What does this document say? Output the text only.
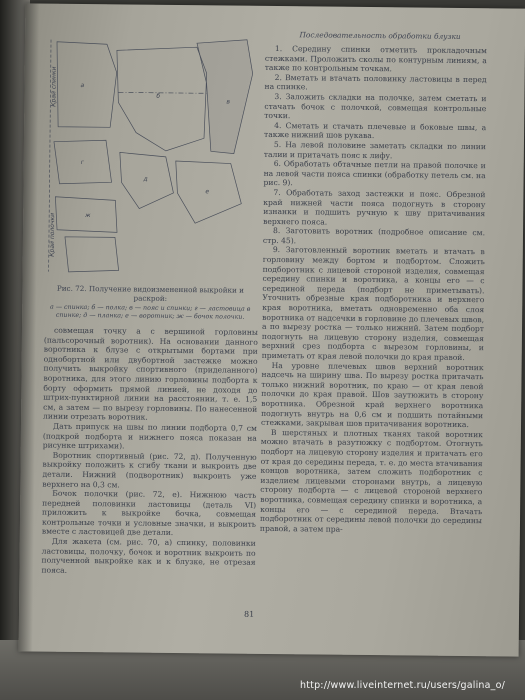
Последовательность обработки блузки
а
б
в
г
д
е
ж
Край спинки
Край полочки
Рис. 72. Получение видоизмененной выкройки и раскрой:
а — спинка; б — полка; в — пояс и спинки; г — ластовица в спинке; д — планка; е — воротник; ж — бочок полочки.

совмещая точку а с вершиной горловины (пальсорочный воротник). На основании данного воротника к блузе с открытыми бортами при однобортной или двубортной застежке можно получить выкройку спортивного (приделанного) воротника, для этого линию горловины подборта к борту оформить прямой линией, не доходя до штрих-пунктирной линии на расстоянии, т. е. 1,5 см, а затем — по вырезу горловины. По нанесенной линии отрезать воротник.

Дать припуск на швы по линии подборта 0,7 см (подкрой подборта и нижнего пояса показан на рисунке штрихами).

Воротник спортивный (рис. 72, д). Полученную выкройку положить к сгибу ткани и выкроить две детали. Нижний (подворотник) выкроить уже верхнего на 0,3 см.

Бочок полочки (рис. 72, е). Нижнюю часть передней половинки ластовицы (деталь VI) приложить к выкройке бочка, совмещая контрольные точки и условные значки, и выкроить вместе с ластовицей две детали.

Для жакета (см. рис. 70, а) спинку, половинки ластовицы, полочку, бочок и воротник выкроить по полученной выкройке как и к блузке, не отрезая пояса.

1. Середину спинки отметить прокладочным стежками. Проложить сколы по контурным линиям, а также по контрольным точкам.

2. Вметать и втачать половинку ластовицы в перед на спинке.

3. Заложить складки на полочке, затем сметать и стачать бочок с полочкой, совмещая контрольные точки.

4. Сметать и стачать плечевые и боковые швы, а также нижний шов рукава.

5. На левой половине заметать складки по линии талии и притачать пояс к лифу.

6. Обработать обтачные петли на правой полочке и на левой части пояса спинки (обработку петель см. на рис. 9).

7. Обработать заход застежки и пояс. Обрезной край нижней части пояса подогнуть в сторону изнанки и подшить ручную к шву притачивания верхнего пояса.

8. Заготовить воротник (подробное описание см. стр. 45).

9. Заготовленный воротник вметать и втачать в горловину между бортом и подбортом. Сложить подборотник с лицевой стороной изделия, совмещая середину спинки и воротника, а концы его — с серединой переда (подборт не приметывать). Уточнить обрезные края подборотника и верхнего края воротника, вметать одновременно оба слоя воротника от надсечки в горловине до плечевых швов, а по вырезу ростка — только нижний. Затем подборт подогнуть на лицевую сторону изделия, совмещая верхний срез подборта с вырезом горловины, и приметать от края левой полочки до края правой.

На уровне плечевых швов верхний воротник надсечь на ширину шва. По вырезу ростка притачать только нижний воротник, по краю — от края левой полочки до края правой. Шов заутюжить в сторону воротника. Обрезной край верхнего воротника подогнуть внутрь на 0,6 см и подшить потайными стежками, закрывая шов притачивания воротника.

В шерстяных и плотных тканях такой воротник можно втачать в разутюжку с подбортом. Отогнуть подборт на лицевую сторону изделия и притачать его от края до середины переда, т. е. до места втачивания концов воротника, затем сложить подборотник с изделием лицевыми сторонами внутрь, а лицевую сторону подборта — с лицевой стороной верхнего воротника, совмещая середину спинки и воротника, а концы его — с серединой переда. Втачать подборотник от середины левой полочки до середины правой, а затем пра-

81
http://www.liveinternet.ru/users/galina_o/
